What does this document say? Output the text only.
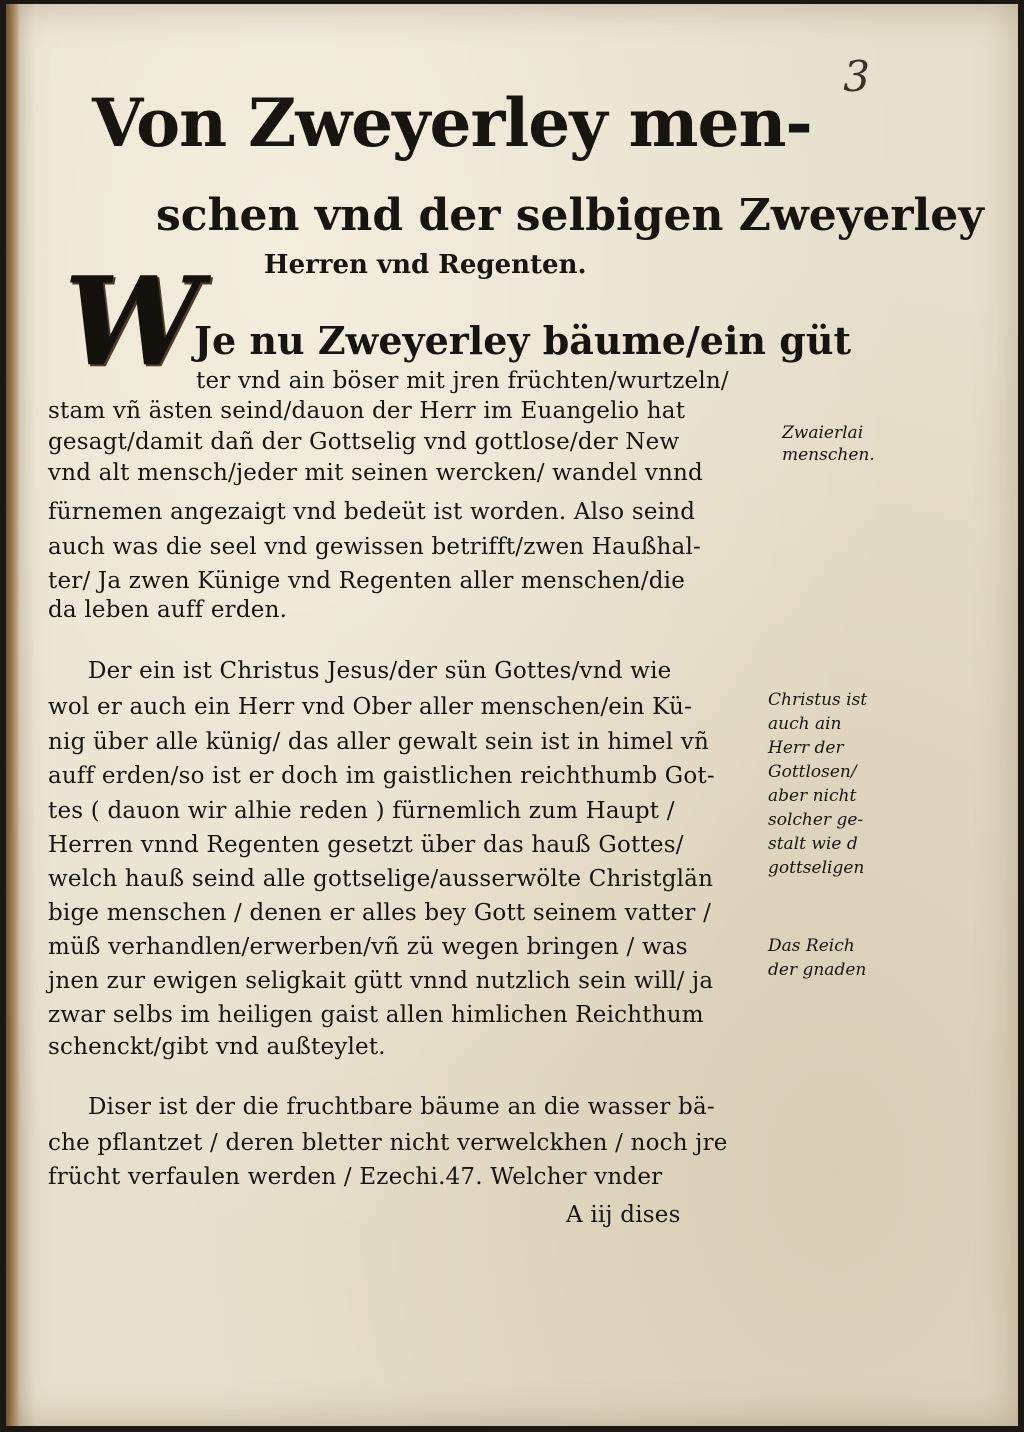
3
Von Zweyerley men-
schen vnd der selbigen Zweyerley
Herren vnd Regenten.
W
Je nu Zweyerley bäume/ein güt
ter vnd ain böser mit jren früchten/wurtzeln/
stam vñ ästen seind/dauon der Herr im Euangelio hat
gesagt/damit dañ der Gottselig vnd gottlose/der New
vnd alt mensch/jeder mit seinen wercken/ wandel vnnd
fürnemen angezaigt vnd bedeüt ist worden. Also seind
auch was die seel vnd gewissen betrifft/zwen Haußhal-
ter/ Ja zwen Künige vnd Regenten aller menschen/die
da leben auff erden.
Der ein ist Christus Jesus/der sün Gottes/vnd wie
wol er auch ein Herr vnd Ober aller menschen/ein Kü-
nig über alle künig/ das aller gewalt sein ist in himel vñ
auff erden/so ist er doch im gaistlichen reichthumb Got-
tes ( dauon wir alhie reden ) fürnemlich zum Haupt /
Herren vnnd Regenten gesetzt über das hauß Gottes/
welch hauß seind alle gottselige/ausserwölte Christglän
bige menschen / denen er alles bey Gott seinem vatter /
müß verhandlen/erwerben/vñ zü wegen bringen / was
jnen zur ewigen seligkait gütt vnnd nutzlich sein will/ ja
zwar selbs im heiligen gaist allen himlichen Reichthum
schenckt/gibt vnd außteylet.
Diser ist der die fruchtbare bäume an die wasser bä-
che pflantzet / deren bletter nicht verwelckhen / noch jre
frücht verfaulen werden / Ezechi.47. Welcher vnder
A iij dises
Zwaierlai
menschen.
Christus ist
auch ain
Herr der
Gottlosen/
aber nicht
solcher ge-
stalt wie d
gottseligen
Das Reich
der gnaden
